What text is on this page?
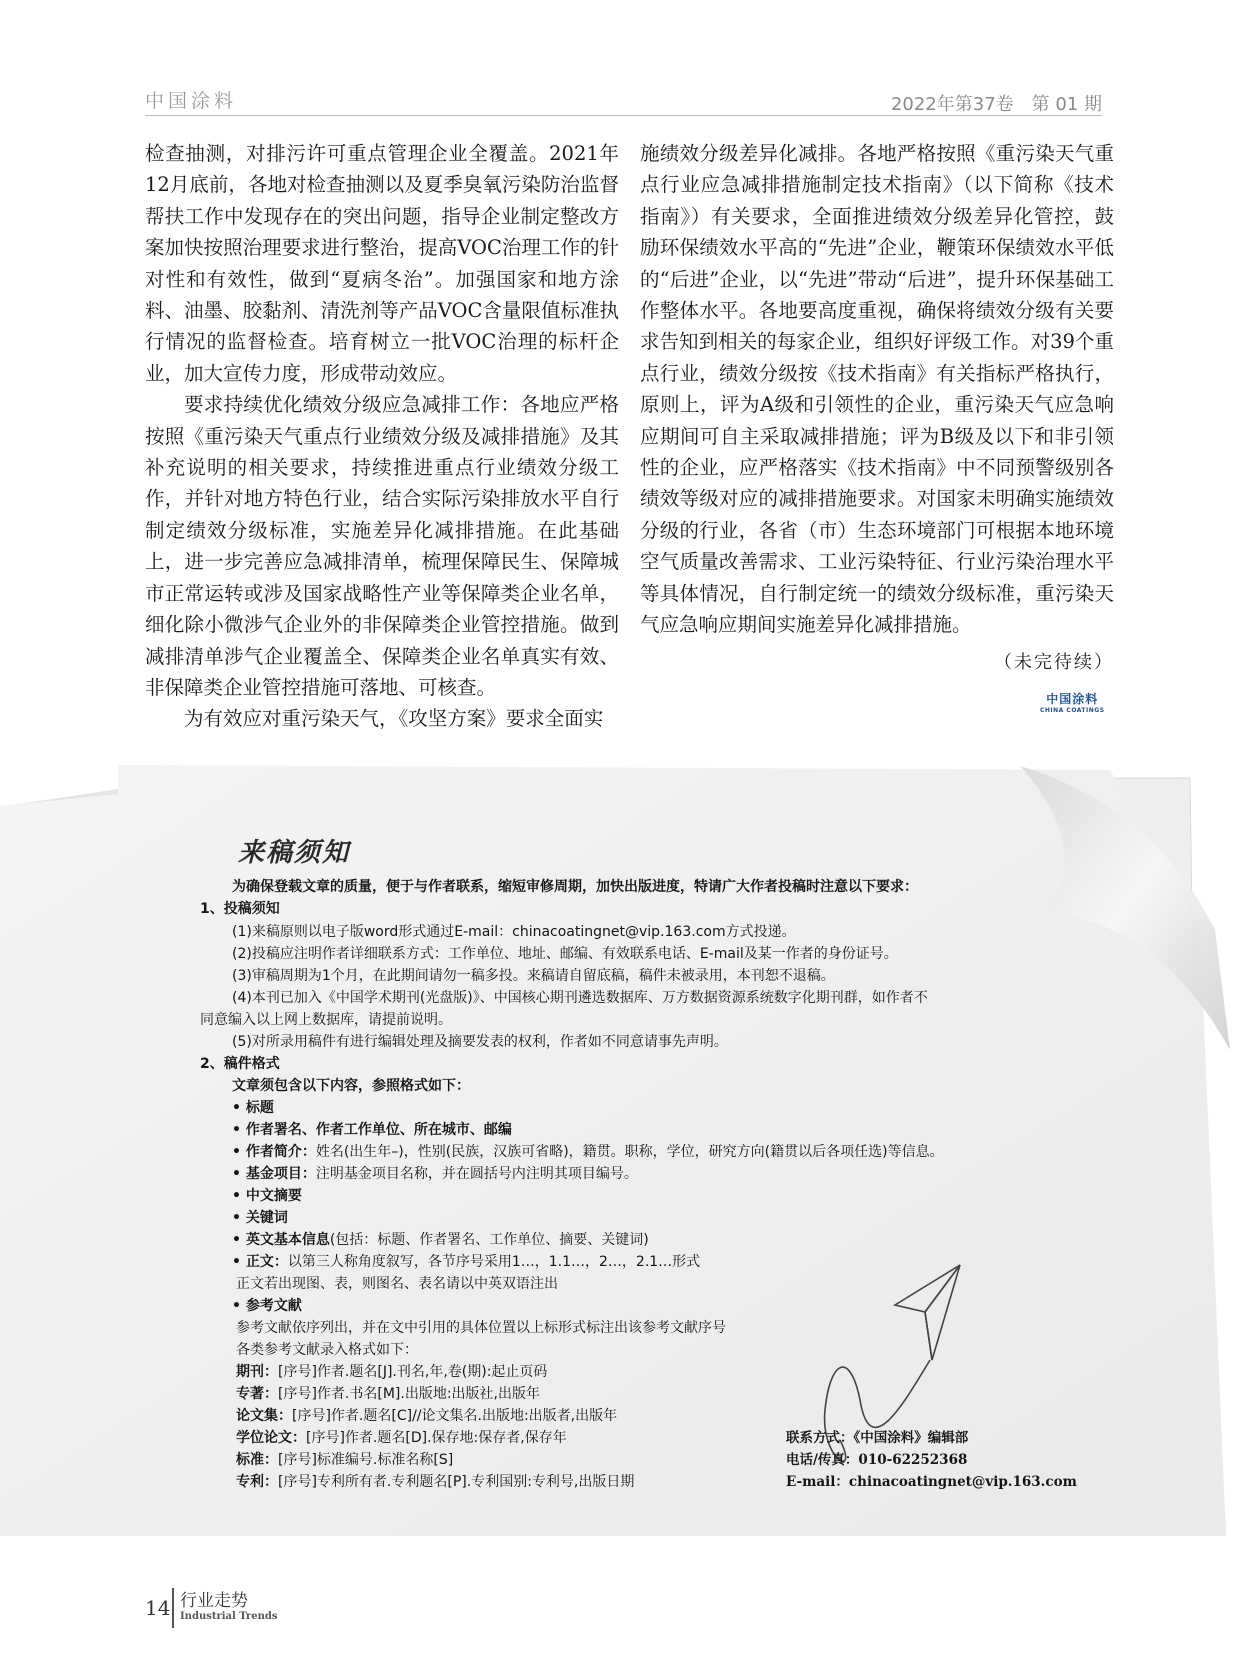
中国涂料	2022年第37卷　第 01 期

检查抽测，对排污许可重点管理企业全覆盖。2021年12月底前，各地对检查抽测以及夏季臭氧污染防治监督帮扶工作中发现存在的突出问题，指导企业制定整改方案加快按照治理要求进行整治，提高VOC治理工作的针对性和有效性，做到“夏病冬治”。加强国家和地方涂料、油墨、胶黏剂、清洗剂等产品VOC含量限值标准执行情况的监督检查。培育树立一批VOC治理的标杆企业，加大宣传力度，形成带动效应。

要求持续优化绩效分级应急减排工作：各地应严格按照《重污染天气重点行业绩效分级及减排措施》及其补充说明的相关要求，持续推进重点行业绩效分级工作，并针对地方特色行业，结合实际污染排放水平自行制定绩效分级标准，实施差异化减排措施。在此基础上，进一步完善应急减排清单，梳理保障民生、保障城市正常运转或涉及国家战略性产业等保障类企业名单，细化除小微涉气企业外的非保障类企业管控措施。做到减排清单涉气企业覆盖全、保障类企业名单真实有效、非保障类企业管控措施可落地、可核查。

为有效应对重污染天气，《攻坚方案》要求全面实

施绩效分级差异化减排。各地严格按照《重污染天气重点行业应急减排措施制定技术指南》（以下简称《技术指南》）有关要求，全面推进绩效分级差异化管控，鼓励环保绩效水平高的“先进”企业，鞭策环保绩效水平低的“后进”企业，以“先进”带动“后进”，提升环保基础工作整体水平。各地要高度重视，确保将绩效分级有关要求告知到相关的每家企业，组织好评级工作。对39个重点行业，绩效分级按《技术指南》有关指标严格执行，原则上，评为A级和引领性的企业，重污染天气应急响应期间可自主采取减排措施；评为B级及以下和非引领性的企业，应严格落实《技术指南》中不同预警级别各绩效等级对应的减排措施要求。对国家未明确实施绩效分级的行业，各省（市）生态环境部门可根据本地环境空气质量改善需求、工业污染特征、行业污染治理水平等具体情况，自行制定统一的绩效分级标准，重污染天气应急响应期间实施差异化减排措施。

（未完待续）

中国涂料
CHINA COATINGS
来稿须知
为确保登载文章的质量，便于与作者联系，缩短审修周期，加快出版进度，特请广大作者投稿时注意以下要求：
1、投稿须知
(1)来稿原则以电子版word形式通过E-mail：chinacoatingnet@vip.163.com方式投递。
(2)投稿应注明作者详细联系方式：工作单位、地址、邮编、有效联系电话、E-mail及某一作者的身份证号。
(3)审稿周期为1个月，在此期间请勿一稿多投。来稿请自留底稿，稿件未被录用，本刊恕不退稿。
(4)本刊已加入《中国学术期刊(光盘版)》、中国核心期刊遴选数据库、万方数据资源系统数字化期刊群，如作者不
同意编入以上网上数据库，请提前说明。
(5)对所录用稿件有进行编辑处理及摘要发表的权利，作者如不同意请事先声明。
2、稿件格式
文章须包含以下内容，参照格式如下：
• 标题
• 作者署名、作者工作单位、所在城市、邮编
• 作者简介：姓名(出生年–)，性别(民族，汉族可省略)，籍贯。职称，学位，研究方向(籍贯以后各项任选)等信息。
• 基金项目：注明基金项目名称，并在圆括号内注明其项目编号。
• 中文摘要
• 关键词
• 英文基本信息(包括：标题、作者署名、工作单位、摘要、关键词)
• 正文：以第三人称角度叙写，各节序号采用1…，1.1…，2…，2.1…形式
正文若出现图、表，则图名、表名请以中英双语注出
• 参考文献
参考文献依序列出，并在文中引用的具体位置以上标形式标注出该参考文献序号
各类参考文献录入格式如下：
期刊：[序号]作者.题名[J].刊名,年,卷(期):起止页码
专著：[序号]作者.书名[M].出版地:出版社,出版年
论文集：[序号]作者.题名[C]//论文集名.出版地:出版者,出版年
学位论文：[序号]作者.题名[D].保存地:保存者,保存年
标准：[序号]标准编号.标准名称[S]
专利：[序号]专利所有者.专利题名[P].专利国别:专利号,出版日期
联系方式：《中国涂料》编辑部
电话/传真：010-62252368
E-mail：chinacoatingnet@vip.163.com
14 行业走势
Industrial Trends
